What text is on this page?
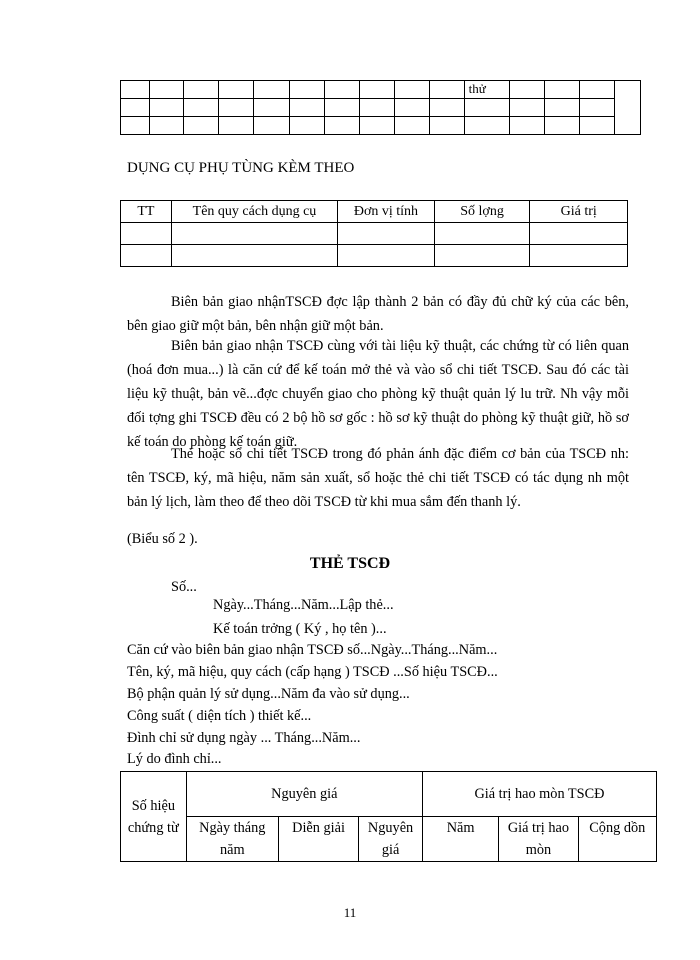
										thử				

DỤNG CỤ PHỤ TÙNG KÈM THEO
TT	Tên quy cách dụng cụ	Đơn vị tính	Số lợng	Giá trị

Biên bản giao nhậnTSCĐ đợc lập thành 2 bản có đầy đủ chữ ký của các bên, bên giao giữ một bản, bên nhận giữ một bản.
Biên bản giao nhận TSCĐ cùng với tài liệu kỹ thuật, các chứng từ có liên quan (hoá đơn mua...) là căn cứ để kế toán mở thẻ và vào sổ chi tiết TSCĐ. Sau đó các tài liệu kỹ thuật, bản vẽ...đợc chuyển giao cho phòng kỹ thuật quản lý lu trữ. Nh vậy mỗi đối tợng ghi TSCĐ đều có 2 bộ hồ sơ gốc : hồ sơ kỹ thuật do phòng kỹ thuật giữ, hồ sơ kế toán do phòng kế toán giữ.
Thẻ hoặc sổ chi tiết TSCĐ trong đó phản ánh đặc điểm cơ bản của TSCĐ nh: tên TSCĐ, ký, mã hiệu, năm sản xuất, sổ hoặc thẻ chi tiết TSCĐ có tác dụng nh một bản lý lịch, làm theo để theo dõi TSCĐ từ khi mua sắm đến thanh lý.
(Biểu số 2 ).
THẺ TSCĐ
Số...
Ngày...Tháng...Năm...Lập thẻ...
Kế toán trởng ( Ký , họ tên )...
Căn cứ vào biên bản giao nhận TSCĐ số...Ngày...Tháng...Năm...
Tên, ký, mã hiệu, quy cách (cấp hạng ) TSCĐ ...Số hiệu TSCĐ...
Bộ phận quản lý sử dụng...Năm đa vào sử dụng...
Công suất ( diện tích ) thiết kế...
Đình chỉ sử dụng ngày ... Tháng...Năm...
Lý do đình chỉ...
Số hiệu chứng từ	Nguyên giá			Giá trị hao mòn TSCĐ		
	Ngày tháng năm	Diễn giải	Nguyên giá	Năm	Giá trị hao mòn	Cộng dồn
11
